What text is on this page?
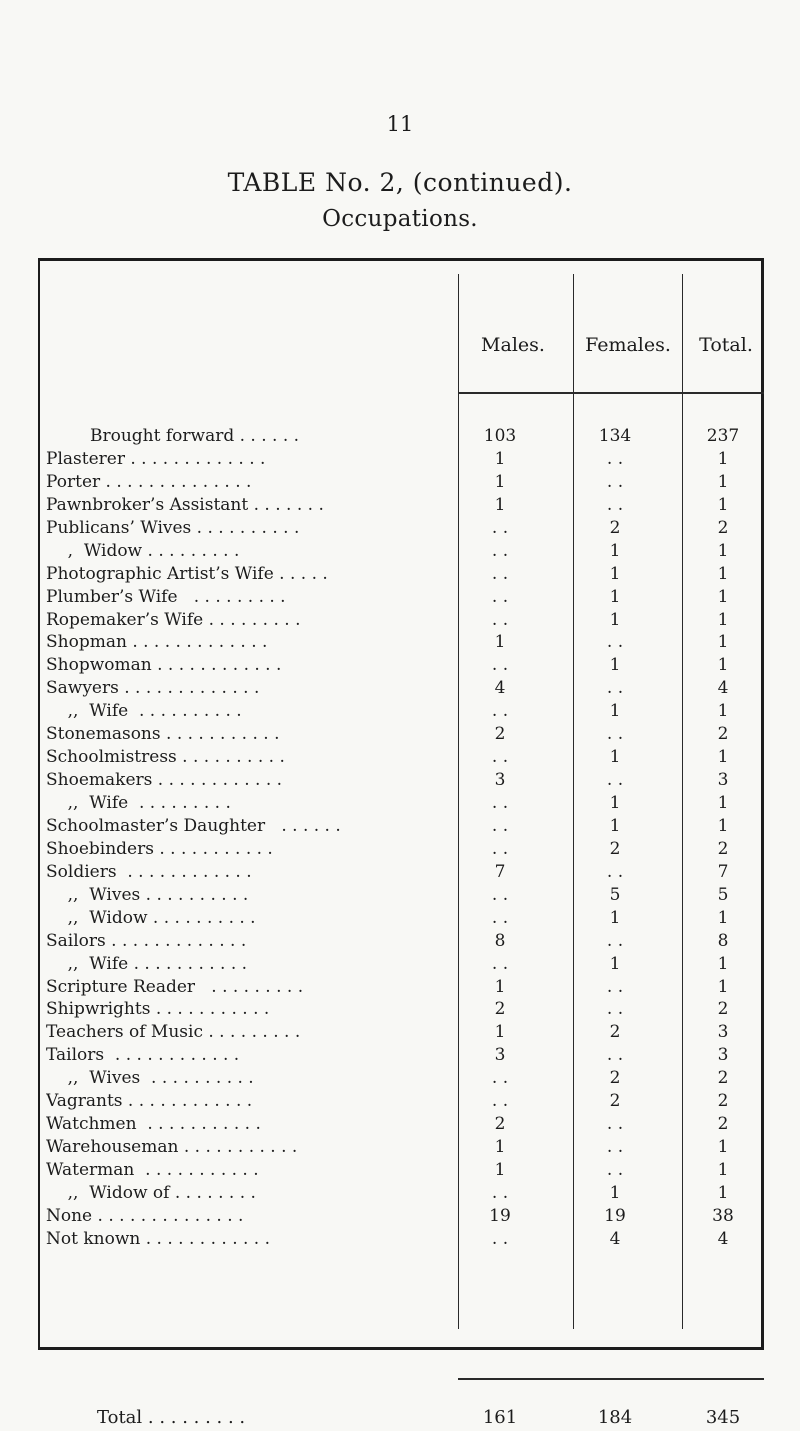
11
TABLE No. 2, (continued).
Occupations.
Males.	Females.	Total.
Brought forward . . . . . .	103	134	237
Plasterer . . . . . . . . . . . . .	1	. .	1
Porter . . . . . . . . . . . . . .	1	. .	1
Pawnbroker’s Assistant . . . . . . .	1	. .	1
Publicans’ Wives . . . . . . . . . .	. .	2	2
,  Widow . . . . . . . . .	. .	1	1
Photographic Artist’s Wife . . . . .	. .	1	1
Plumber’s Wife   . . . . . . . . .	. .	1	1
Ropemaker’s Wife . . . . . . . . .	. .	1	1
Shopman . . . . . . . . . . . . .	1	. .	1
Shopwoman . . . . . . . . . . . .	. .	1	1
Sawyers . . . . . . . . . . . . .	4	. .	4
,,  Wife  . . . . . . . . . .	. .	1	1
Stonemasons . . . . . . . . . . .	2	. .	2
Schoolmistress . . . . . . . . . .	. .	1	1
Shoemakers . . . . . . . . . . . .	3	. .	3
,,  Wife  . . . . . . . . .	. .	1	1
Schoolmaster’s Daughter   . . . . . .	. .	1	1
Shoebinders . . . . . . . . . . .	. .	2	2
Soldiers  . . . . . . . . . . . .	7	. .	7
,,  Wives . . . . . . . . . .	. .	5	5
,,  Widow . . . . . . . . . .	. .	1	1
Sailors . . . . . . . . . . . . .	8	. .	8
,,  Wife . . . . . . . . . . .	. .	1	1
Scripture Reader   . . . . . . . . .	1	. .	1
Shipwrights . . . . . . . . . . .	2	. .	2
Teachers of Music . . . . . . . . .	1	2	3
Tailors  . . . . . . . . . . . .	3	. .	3
,,  Wives  . . . . . . . . . .	. .	2	2
Vagrants . . . . . . . . . . . .	. .	2	2
Watchmen  . . . . . . . . . . .	2	. .	2
Warehouseman . . . . . . . . . . .	1	. .	1
Waterman  . . . . . . . . . . .	1	. .	1
,,  Widow of . . . . . . . .	. .	1	1
None . . . . . . . . . . . . . .	19	19	38
Not known . . . . . . . . . . . .	. .	4	4
Total . . . . . . . . .	161	184	345
